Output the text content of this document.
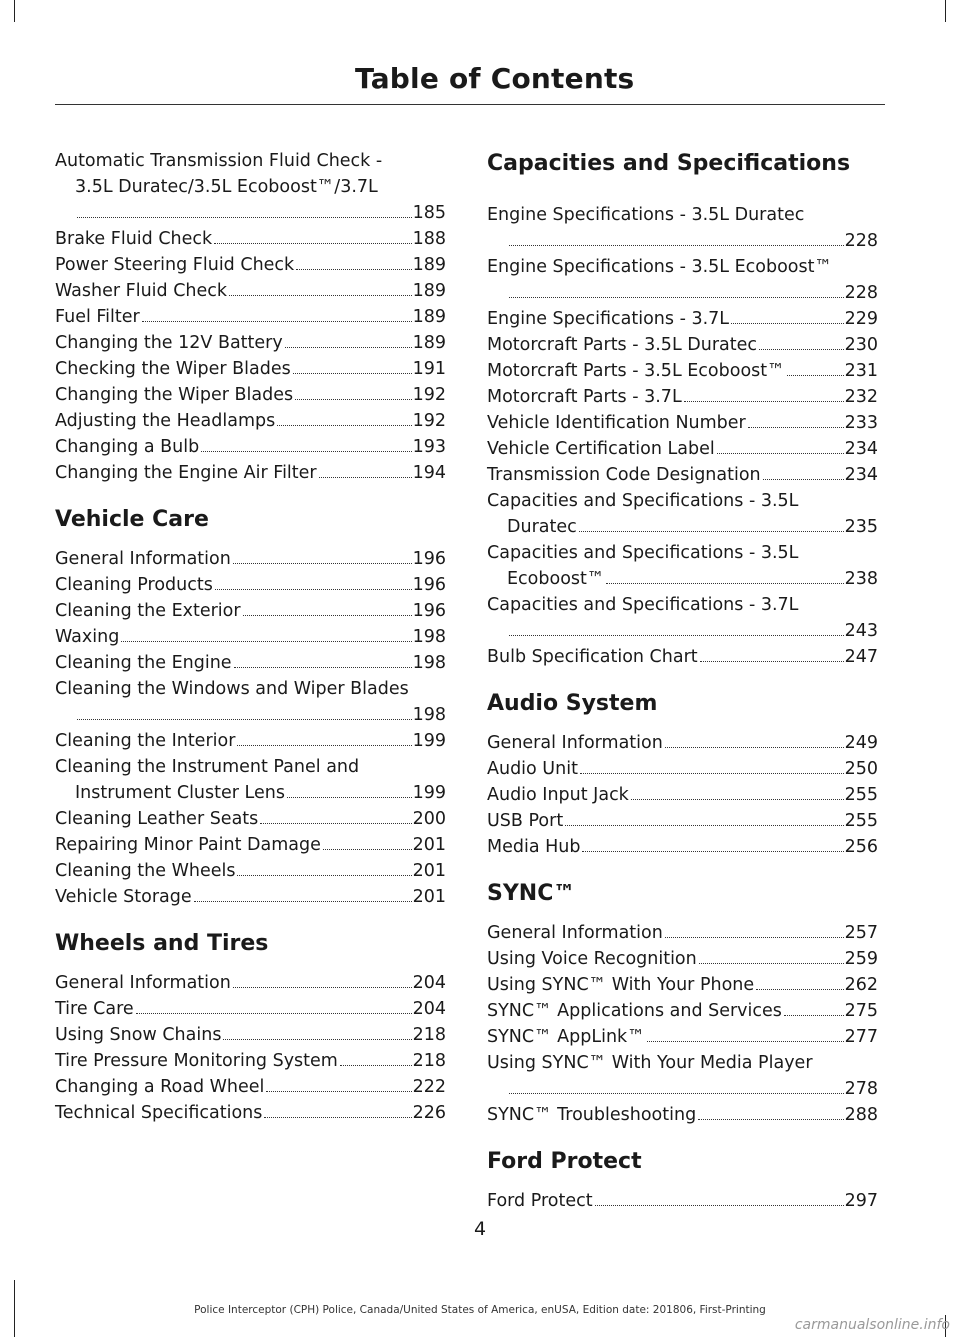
Table of Contents
Automatic Transmission Fluid Check -
3.5L Duratec/3.5L Ecoboost™/3.7L
185
Brake Fluid Check	188
Power Steering Fluid Check	189
Washer Fluid Check	189
Fuel Filter	189
Changing the 12V Battery	189
Checking the Wiper Blades	191
Changing the Wiper Blades	192
Adjusting the Headlamps	192
Changing a Bulb	193
Changing the Engine Air Filter	194
Vehicle Care
General Information	196
Cleaning Products	196
Cleaning the Exterior	196
Waxing	198
Cleaning the Engine	198
Cleaning the Windows and Wiper Blades
198
Cleaning the Interior	199
Cleaning the Instrument Panel and
Instrument Cluster Lens	199
Cleaning Leather Seats	200
Repairing Minor Paint Damage	201
Cleaning the Wheels	201
Vehicle Storage	201
Wheels and Tires
General Information	204
Tire Care	204
Using Snow Chains	218
Tire Pressure Monitoring System	218
Changing a Road Wheel	222
Technical Specifications	226
Capacities and Specifications
Engine Specifications - 3.5L Duratec
228
Engine Specifications - 3.5L Ecoboost™
228
Engine Specifications - 3.7L	229
Motorcraft Parts - 3.5L Duratec	230
Motorcraft Parts - 3.5L Ecoboost™	231
Motorcraft Parts - 3.7L	232
Vehicle Identification Number	233
Vehicle Certification Label	234
Transmission Code Designation	234
Capacities and Specifications - 3.5L
Duratec	235
Capacities and Specifications - 3.5L
Ecoboost™	238
Capacities and Specifications - 3.7L
243
Bulb Specification Chart	247
Audio System
General Information	249
Audio Unit	250
Audio Input Jack	255
USB Port	255
Media Hub	256
SYNC™
General Information	257
Using Voice Recognition	259
Using SYNC™ With Your Phone	262
SYNC™ Applications and Services	275
SYNC™ AppLink™	277
Using SYNC™ With Your Media Player
278
SYNC™ Troubleshooting	288
Ford Protect
Ford Protect	297
4
Police Interceptor (CPH) Police, Canada/United States of America, enUSA, Edition date: 201806, First-Printing
carmanualsonline.info
